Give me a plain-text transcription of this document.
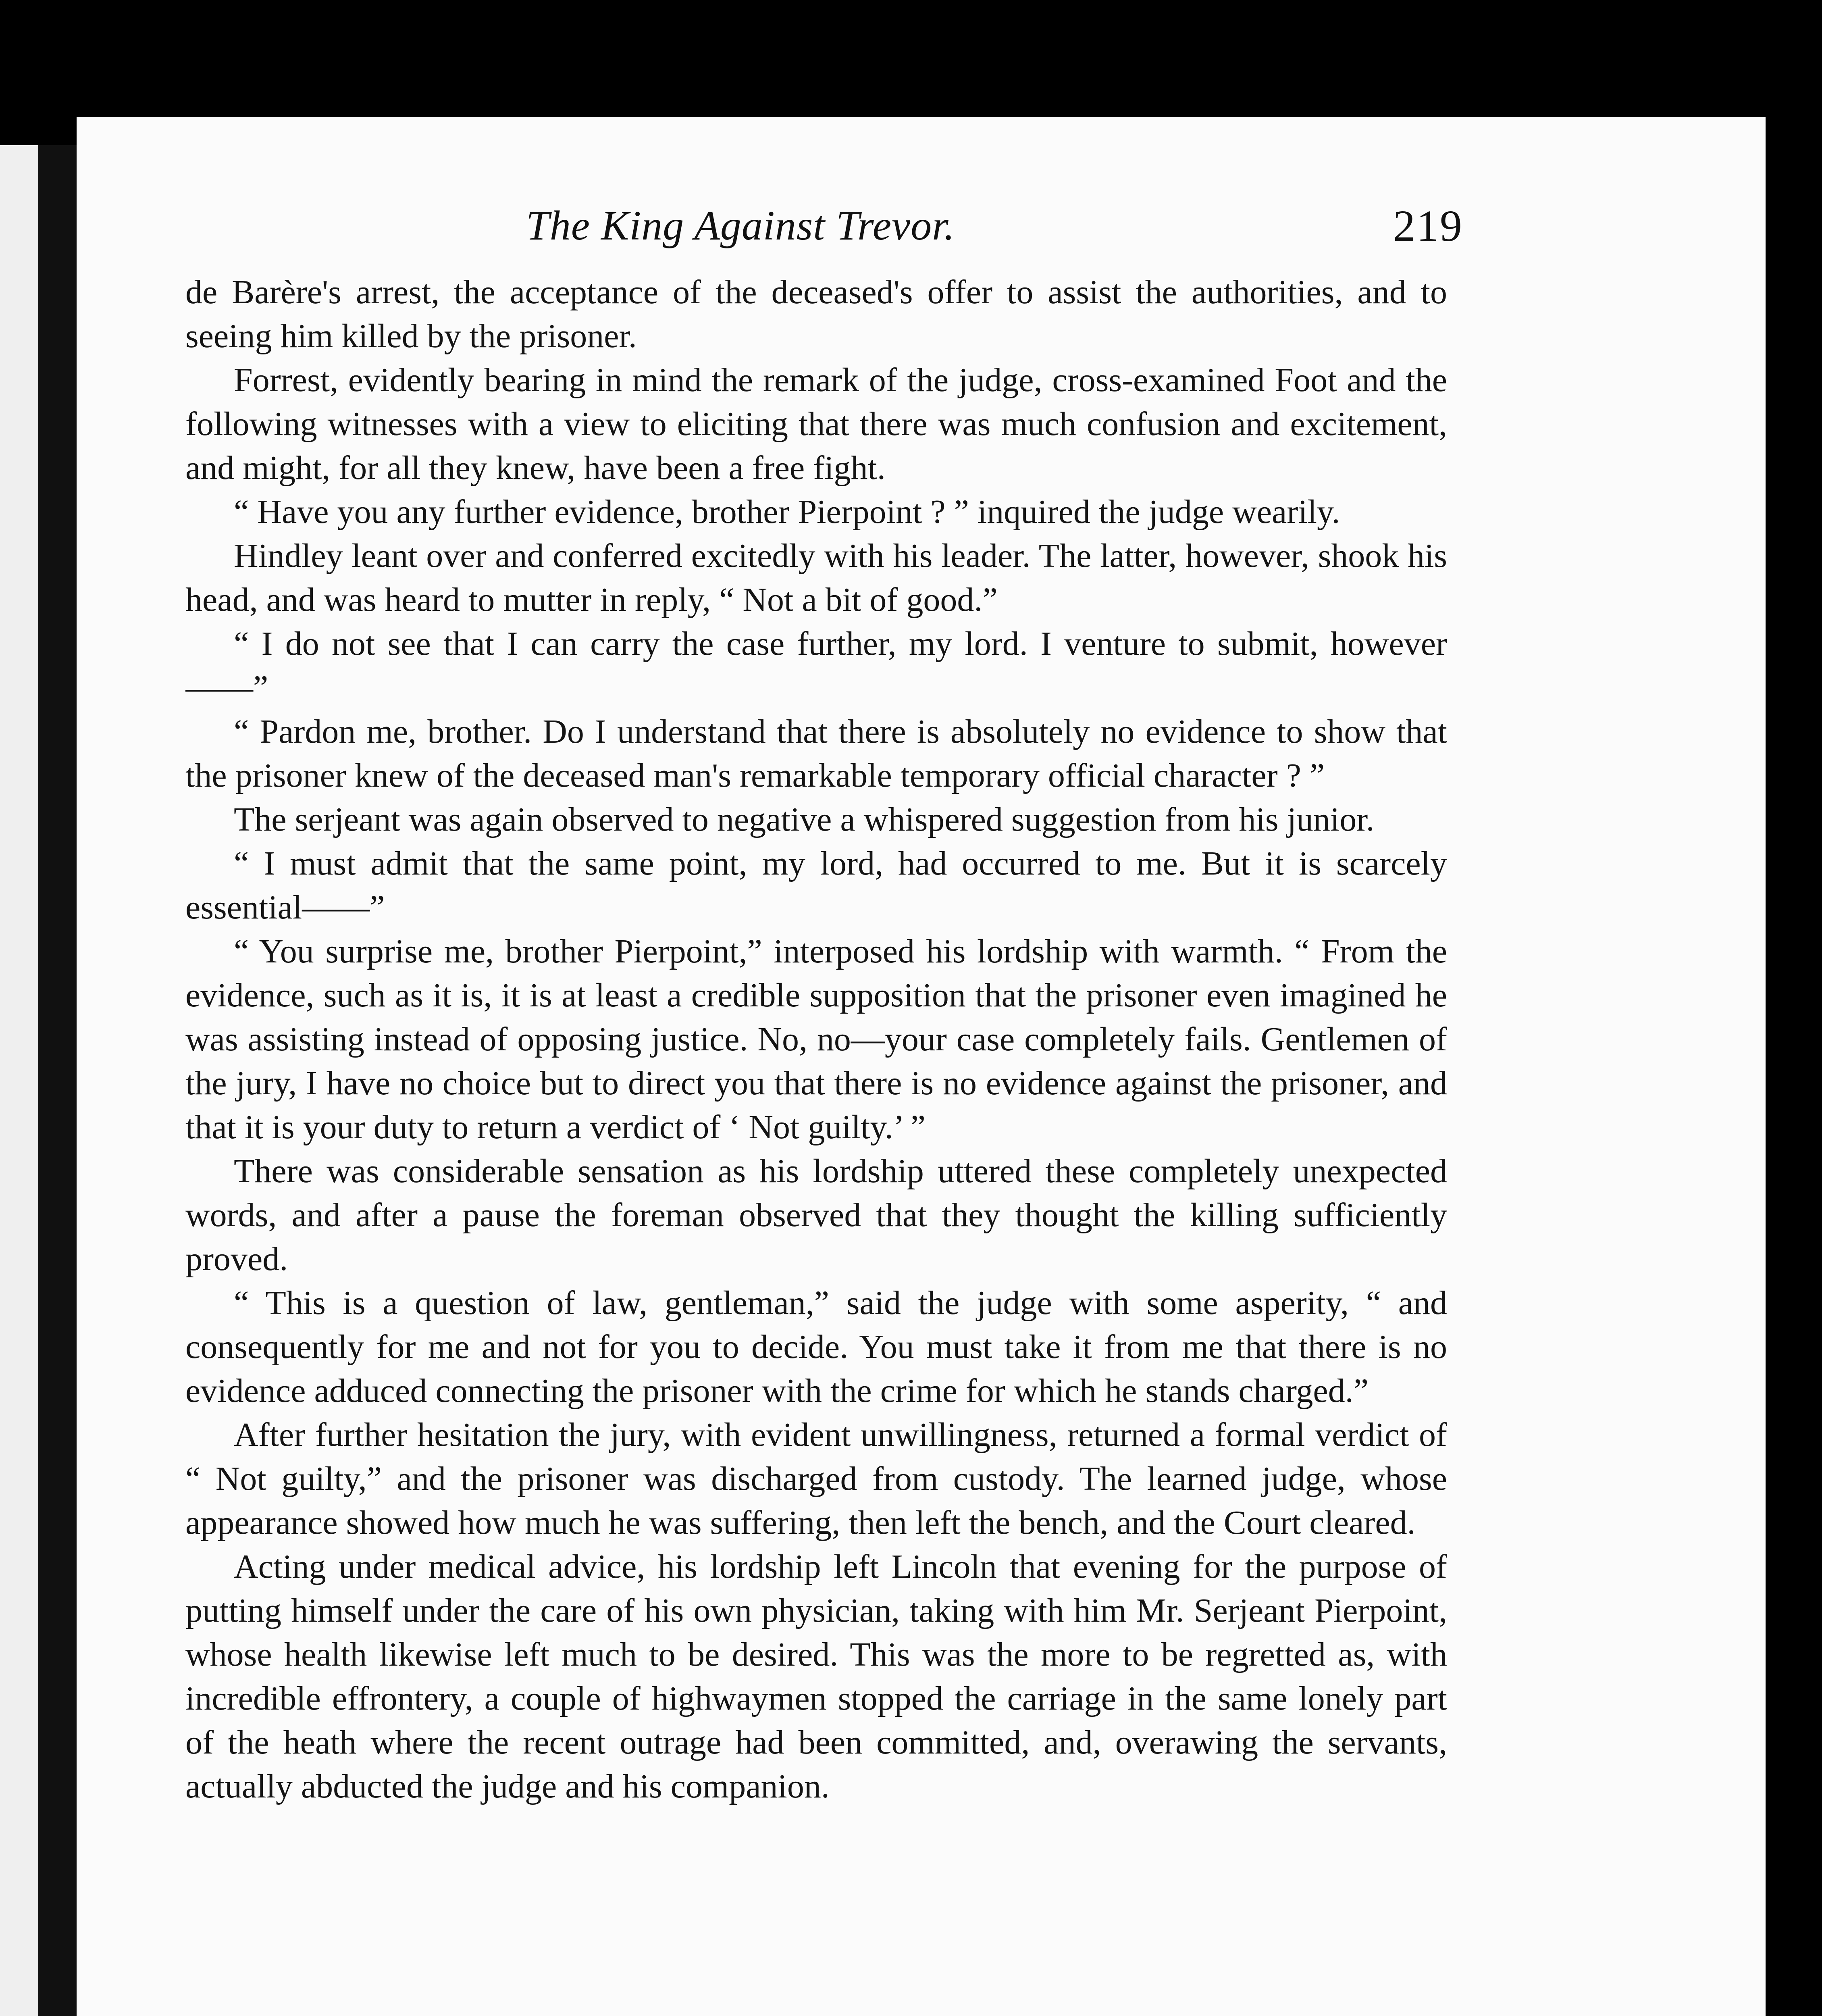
The King Against Trevor.	219

de Barère's arrest, the acceptance of the deceased's offer to assist the authorities, and to seeing him killed by the prisoner.

Forrest, evidently bearing in mind the remark of the judge, cross-examined Foot and the following witnesses with a view to eliciting that there was much confusion and excitement, and might, for all they knew, have been a free fight.

“ Have you any further evidence, brother Pierpoint ? ” inquired the judge wearily.

Hindley leant over and conferred excitedly with his leader. The latter, however, shook his head, and was heard to mutter in reply, “ Not a bit of good.”

“ I do not see that I can carry the case further, my lord. I venture to submit, however——”

“ Pardon me, brother. Do I understand that there is absolutely no evidence to show that the prisoner knew of the deceased man's remarkable temporary official character ? ”

The serjeant was again observed to negative a whispered suggestion from his junior.

“ I must admit that the same point, my lord, had occurred to me. But it is scarcely essential——”

“ You surprise me, brother Pierpoint,” interposed his lordship with warmth. “ From the evidence, such as it is, it is at least a credible supposition that the prisoner even imagined he was assisting instead of opposing justice. No, no—your case completely fails. Gentlemen of the jury, I have no choice but to direct you that there is no evidence against the prisoner, and that it is your duty to return a verdict of ‘ Not guilty.’ ”

There was considerable sensation as his lordship uttered these completely unexpected words, and after a pause the foreman observed that they thought the killing sufficiently proved.

“ This is a question of law, gentleman,” said the judge with some asperity, “ and consequently for me and not for you to decide. You must take it from me that there is no evidence adduced connecting the prisoner with the crime for which he stands charged.”

After further hesitation the jury, with evident unwillingness, returned a formal verdict of “ Not guilty,” and the prisoner was discharged from custody. The learned judge, whose appearance showed how much he was suffering, then left the bench, and the Court cleared.

Acting under medical advice, his lordship left Lincoln that evening for the purpose of putting himself under the care of his own physician, taking with him Mr. Serjeant Pierpoint, whose health likewise left much to be desired. This was the more to be regretted as, with incredible effrontery, a couple of highwaymen stopped the carriage in the same lonely part of the heath where the recent outrage had been committed, and, overawing the servants, actually abducted the judge and his companion.
